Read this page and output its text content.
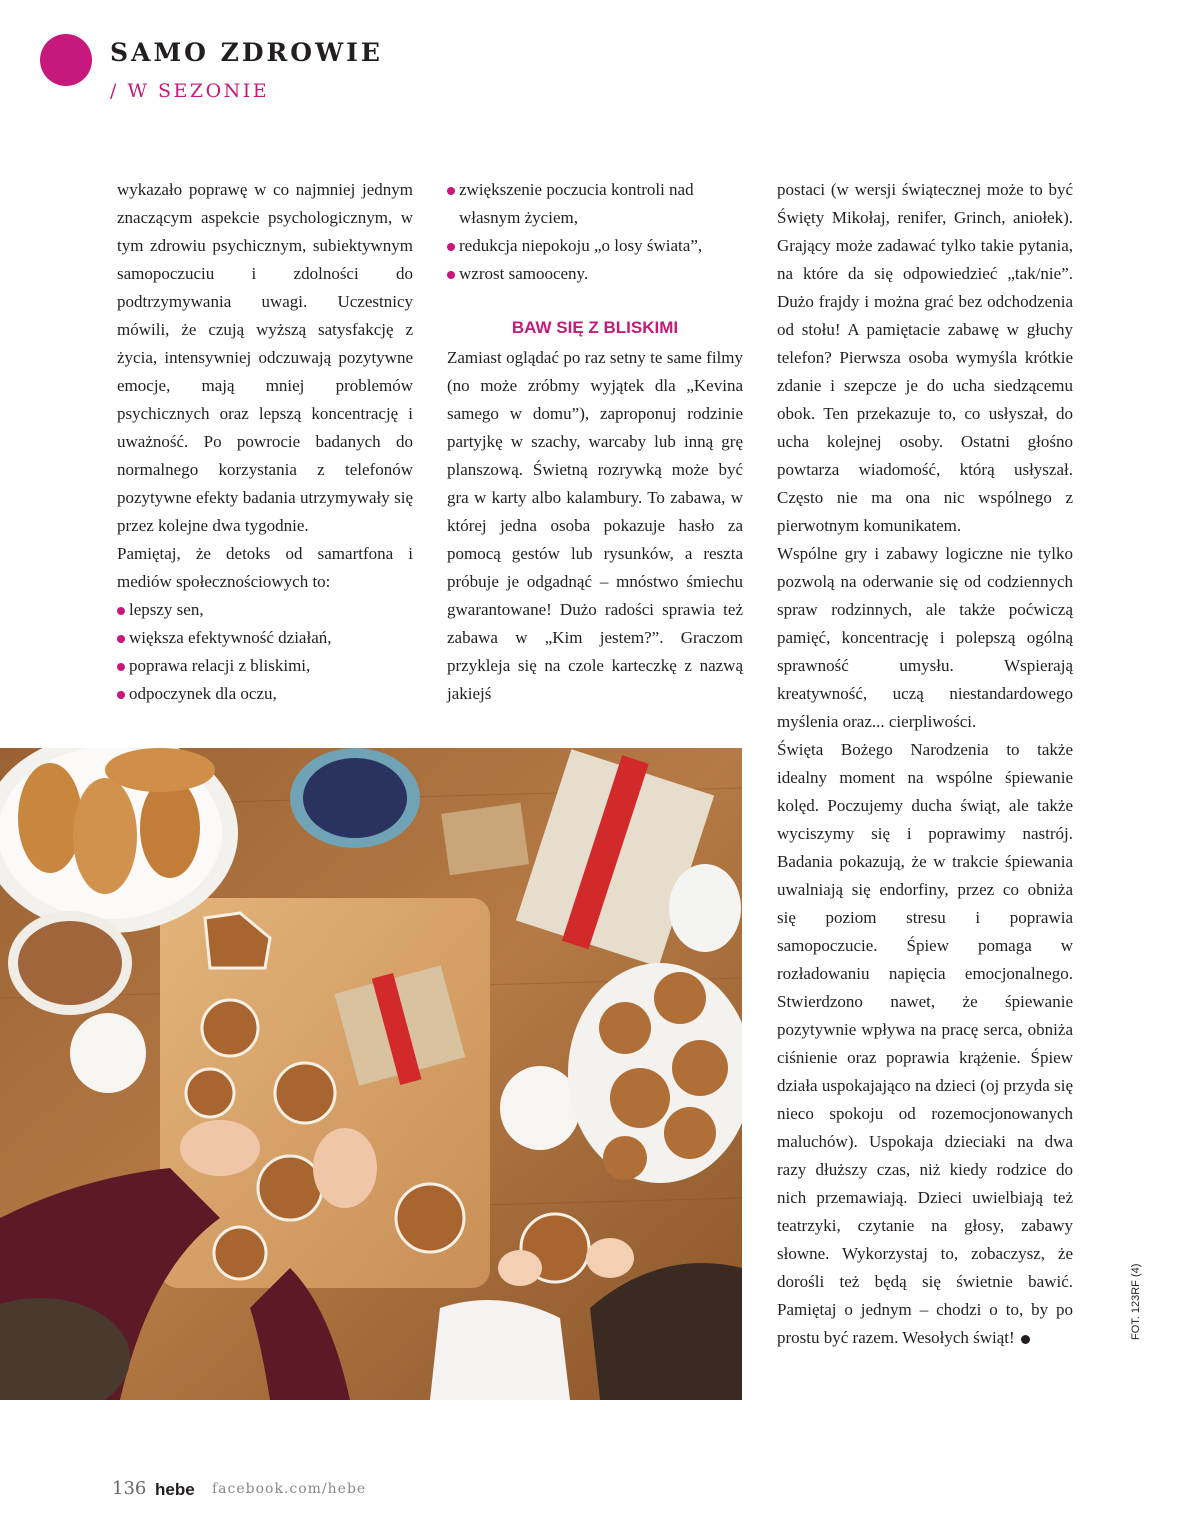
SAMO ZDROWIE
/ W SEZONIE

wykazało poprawę w co najmniej jednym znaczącym aspekcie psychologicznym, w tym zdrowiu psychicznym, subiektywnym samopoczuciu i zdolności do podtrzymywania uwagi. Uczestnicy mówili, że czują wyższą satysfakcję z życia, intensywniej odczuwają pozytywne emocje, mają mniej problemów psychicznych oraz lepszą koncentrację i uważność. Po powrocie badanych do normalnego korzystania z telefonów pozytywne efekty badania utrzymywały się przez kolejne dwa tygodnie.

Pamiętaj, że detoks od samartfona i mediów społecznościowych to:

lepszy sen,
większa efektywność działań,
poprawa relacji z bliskimi,
odpoczynek dla oczu,
zwiększenie poczucia kontroli nad własnym życiem,
redukcja niepokoju „o losy świata”,
wzrost samooceny.
BAW SIĘ Z BLISKIMI

Zamiast oglądać po raz setny te same filmy (no może zróbmy wyjątek dla „Kevina samego w domu”), zaproponuj rodzinie partyjkę w szachy, warcaby lub inną grę planszową. Świetną rozrywką może być gra w karty albo kalambury. To zabawa, w której jedna osoba pokazuje hasło za pomocą gestów lub rysunków, a reszta próbuje je odgadnąć – mnóstwo śmiechu gwarantowane! Dużo radości sprawia też zabawa w „Kim jestem?”. Graczom przykleja się na czole karteczkę z nazwą jakiejś

postaci (w wersji świątecznej może to być Święty Mikołaj, renifer, Grinch, aniołek). Grający może zadawać tylko takie pytania, na które da się odpowiedzieć „tak/nie”. Dużo frajdy i można grać bez odchodzenia od stołu! A pamiętacie zabawę w głuchy telefon? Pierwsza osoba wymyśla krótkie zdanie i szepcze je do ucha siedzącemu obok. Ten przekazuje to, co usłyszał, do ucha kolejnej osoby. Ostatni głośno powtarza wiadomość, którą usłyszał. Często nie ma ona nic wspólnego z pierwotnym komunikatem.

Wspólne gry i zabawy logiczne nie tylko pozwolą na oderwanie się od codziennych spraw rodzinnych, ale także poćwiczą pamięć, koncentrację i polepszą ogólną sprawność umysłu. Wspierają kreatywność, uczą niestandardowego myślenia oraz... cierpliwości.

Święta Bożego Narodzenia to także idealny moment na wspólne śpiewanie kolęd. Poczujemy ducha świąt, ale także wyciszymy się i poprawimy nastrój. Badania pokazują, że w trakcie śpiewania uwalniają się endorfiny, przez co obniża się poziom stresu i poprawia samopoczucie. Śpiew pomaga w rozładowaniu napięcia emocjonalnego. Stwierdzono nawet, że śpiewanie pozytywnie wpływa na pracę serca, obniża ciśnienie oraz poprawia krążenie. Śpiew działa uspokajająco na dzieci (oj przyda się nieco spokoju od rozemocjonowanych maluchów). Uspokaja dzieciaki na dwa razy dłuższy czas, niż kiedy rodzice do nich przemawiają. Dzieci uwielbiają też teatrzyki, czytanie na głosy, zabawy słowne. Wykorzystaj to, zobaczysz, że dorośli też będą się świetnie bawić. Pamiętaj o jednym – chodzi o to, by po prostu być razem. Wesołych świąt!	FOT. 123RF (4)
136 hebe facebook.com/hebe
